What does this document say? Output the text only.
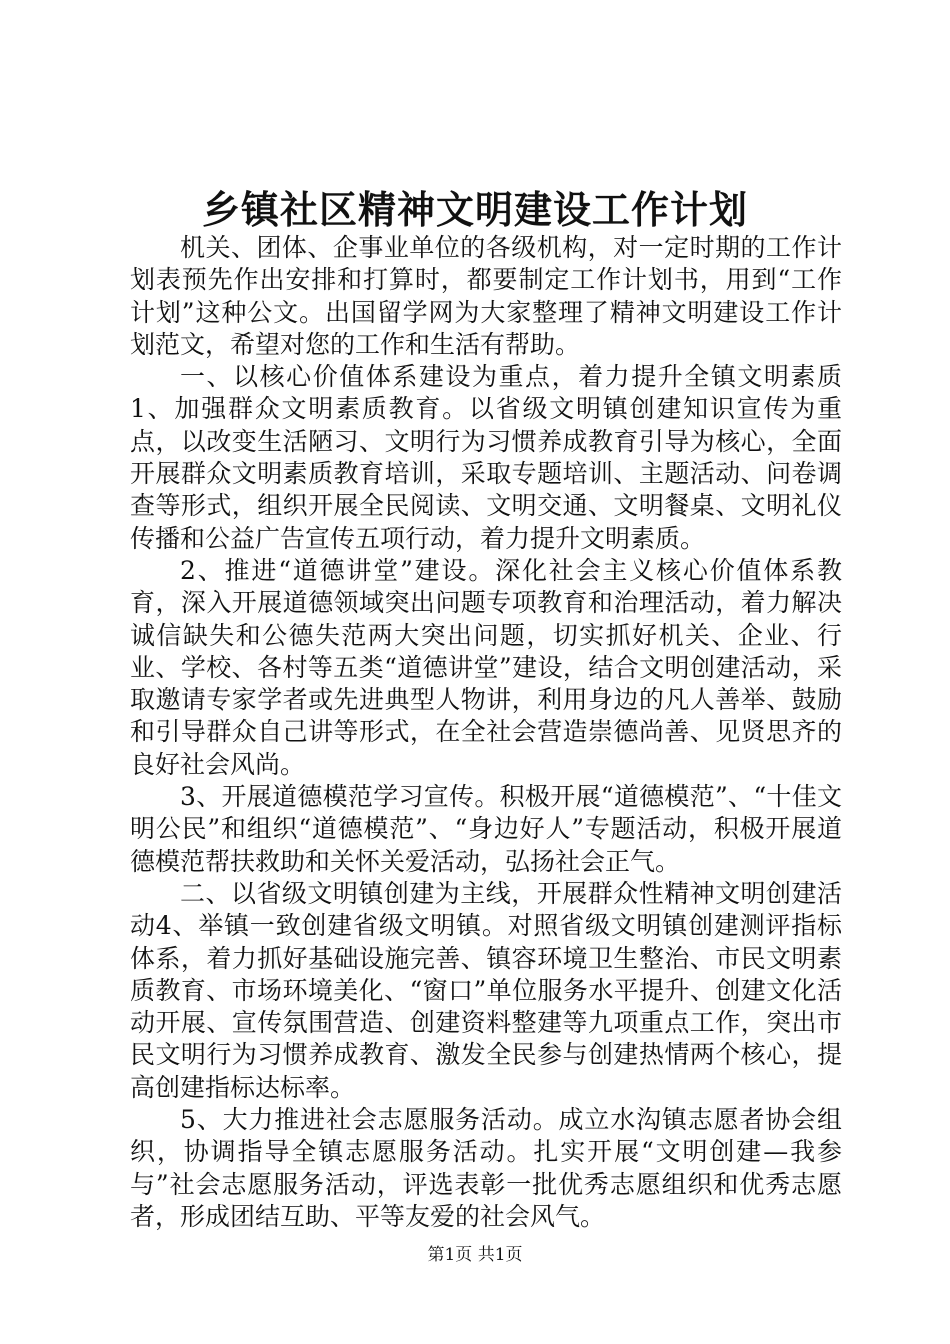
乡镇社区精神文明建设工作计划

机关、团体、企事业单位的各级机构，对一定时期的工作计划表预先作出安排和打算时，都要制定工作计划书，用到“工作计划”这种公文。出国留学网为大家整理了精神文明建设工作计划范文，希望对您的工作和生活有帮助。

一、以核心价值体系建设为重点，着力提升全镇文明素质1、加强群众文明素质教育。以省级文明镇创建知识宣传为重点，以改变生活陋习、文明行为习惯养成教育引导为核心，全面开展群众文明素质教育培训，采取专题培训、主题活动、问卷调查等形式，组织开展全民阅读、文明交通、文明餐桌、文明礼仪传播和公益广告宣传五项行动，着力提升文明素质。

2、推进“道德讲堂”建设。深化社会主义核心价值体系教育，深入开展道德领域突出问题专项教育和治理活动，着力解决诚信缺失和公德失范两大突出问题，切实抓好机关、企业、行业、学校、各村等五类“道德讲堂”建设，结合文明创建活动，采取邀请专家学者或先进典型人物讲，利用身边的凡人善举、鼓励和引导群众自己讲等形式，在全社会营造崇德尚善、见贤思齐的良好社会风尚。

3、开展道德模范学习宣传。积极开展“道德模范”、“十佳文明公民”和组织“道德模范”、“身边好人”专题活动，积极开展道德模范帮扶救助和关怀关爱活动，弘扬社会正气。

二、以省级文明镇创建为主线，开展群众性精神文明创建活动4、举镇一致创建省级文明镇。对照省级文明镇创建测评指标体系，着力抓好基础设施完善、镇容环境卫生整治、市民文明素质教育、市场环境美化、“窗口”单位服务水平提升、创建文化活动开展、宣传氛围营造、创建资料整建等九项重点工作，突出市民文明行为习惯养成教育、激发全民参与创建热情两个核心，提高创建指标达标率。

5、大力推进社会志愿服务活动。成立水沟镇志愿者协会组织，协调指导全镇志愿服务活动。扎实开展“文明创建—我参与”社会志愿服务活动，评选表彰一批优秀志愿组织和优秀志愿者，形成团结互助、平等友爱的社会风气。

第1页 共1页
